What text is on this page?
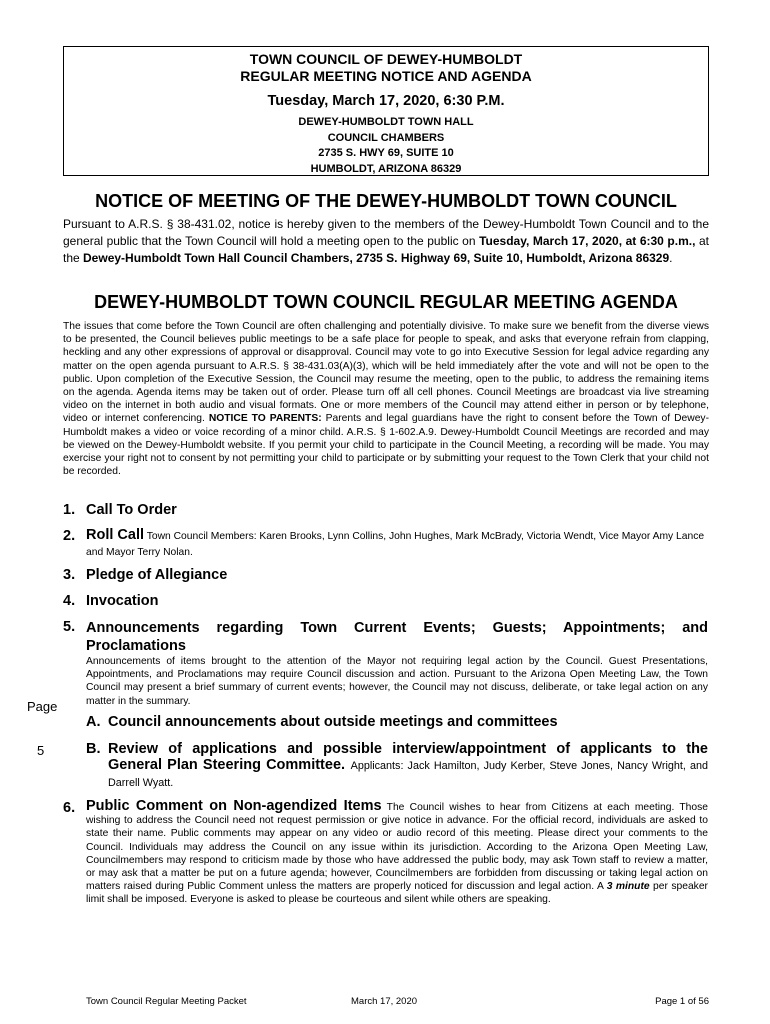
TOWN COUNCIL OF DEWEY-HUMBOLDT
REGULAR MEETING NOTICE AND AGENDA
Tuesday, March 17, 2020, 6:30 P.M.
DEWEY-HUMBOLDT TOWN HALL
COUNCIL CHAMBERS
2735 S. HWY 69, SUITE 10
HUMBOLDT, ARIZONA 86329
NOTICE OF MEETING OF THE DEWEY-HUMBOLDT TOWN COUNCIL
Pursuant to A.R.S. § 38-431.02, notice is hereby given to the members of the Dewey-Humboldt Town Council and to the general public that the Town Council will hold a meeting open to the public on Tuesday, March 17, 2020, at 6:30 p.m., at the Dewey-Humboldt Town Hall Council Chambers, 2735 S. Highway 69, Suite 10, Humboldt, Arizona 86329.
DEWEY-HUMBOLDT TOWN COUNCIL REGULAR MEETING AGENDA
The issues that come before the Town Council are often challenging and potentially divisive. To make sure we benefit from the diverse views to be presented, the Council believes public meetings to be a safe place for people to speak, and asks that everyone refrain from clapping, heckling and any other expressions of approval or disapproval. Council may vote to go into Executive Session for legal advice regarding any matter on the open agenda pursuant to A.R.S. § 38-431.03(A)(3), which will be held immediately after the vote and will not be open to the public. Upon completion of the Executive Session, the Council may resume the meeting, open to the public, to address the remaining items on the agenda. Agenda items may be taken out of order. Please turn off all cell phones. Council Meetings are broadcast via live streaming video on the internet in both audio and visual formats. One or more members of the Council may attend either in person or by telephone, video or internet conferencing. NOTICE TO PARENTS: Parents and legal guardians have the right to consent before the Town of Dewey-Humboldt makes a video or voice recording of a minor child. A.R.S. § 1-602.A.9. Dewey-Humboldt Council Meetings are recorded and may be viewed on the Dewey-Humboldt website. If you permit your child to participate in the Council Meeting, a recording will be made. You may exercise your right not to consent by not permitting your child to participate or by submitting your request to the Town Clerk that your child not be recorded.
1. Call To Order
2. Roll Call Town Council Members: Karen Brooks, Lynn Collins, John Hughes, Mark McBrady, Victoria Wendt, Vice Mayor Amy Lance and Mayor Terry Nolan.
3. Pledge of Allegiance
4. Invocation
5. Announcements regarding Town Current Events; Guests; Appointments; and Proclamations
Announcements of items brought to the attention of the Mayor not requiring legal action by the Council. Guest Presentations, Appointments, and Proclamations may require Council discussion and action. Pursuant to the Arizona Open Meeting Law, the Town Council may present a brief summary of current events; however, the Council may not discuss, deliberate, or take legal action on any matter in the summary.
Page
5
A. Council announcements about outside meetings and committees
B. Review of applications and possible interview/appointment of applicants to the General Plan Steering Committee. Applicants: Jack Hamilton, Judy Kerber, Steve Jones, Nancy Wright, and Darrell Wyatt.
6. Public Comment on Non-agendized Items The Council wishes to hear from Citizens at each meeting. Those wishing to address the Council need not request permission or give notice in advance. For the official record, individuals are asked to state their name. Public comments may appear on any video or audio record of this meeting. Please direct your comments to the Council. Individuals may address the Council on any issue within its jurisdiction. According to the Arizona Open Meeting Law, Councilmembers may respond to criticism made by those who have addressed the public body, may ask Town staff to review a matter, or may ask that a matter be put on a future agenda; however, Councilmembers are forbidden from discussing or taking legal action on matters raised during Public Comment unless the matters are properly noticed for discussion and legal action. A 3 minute per speaker limit shall be imposed. Everyone is asked to please be courteous and silent while others are speaking.
Town Council Regular Meeting Packet	March 17, 2020	Page 1 of 56
